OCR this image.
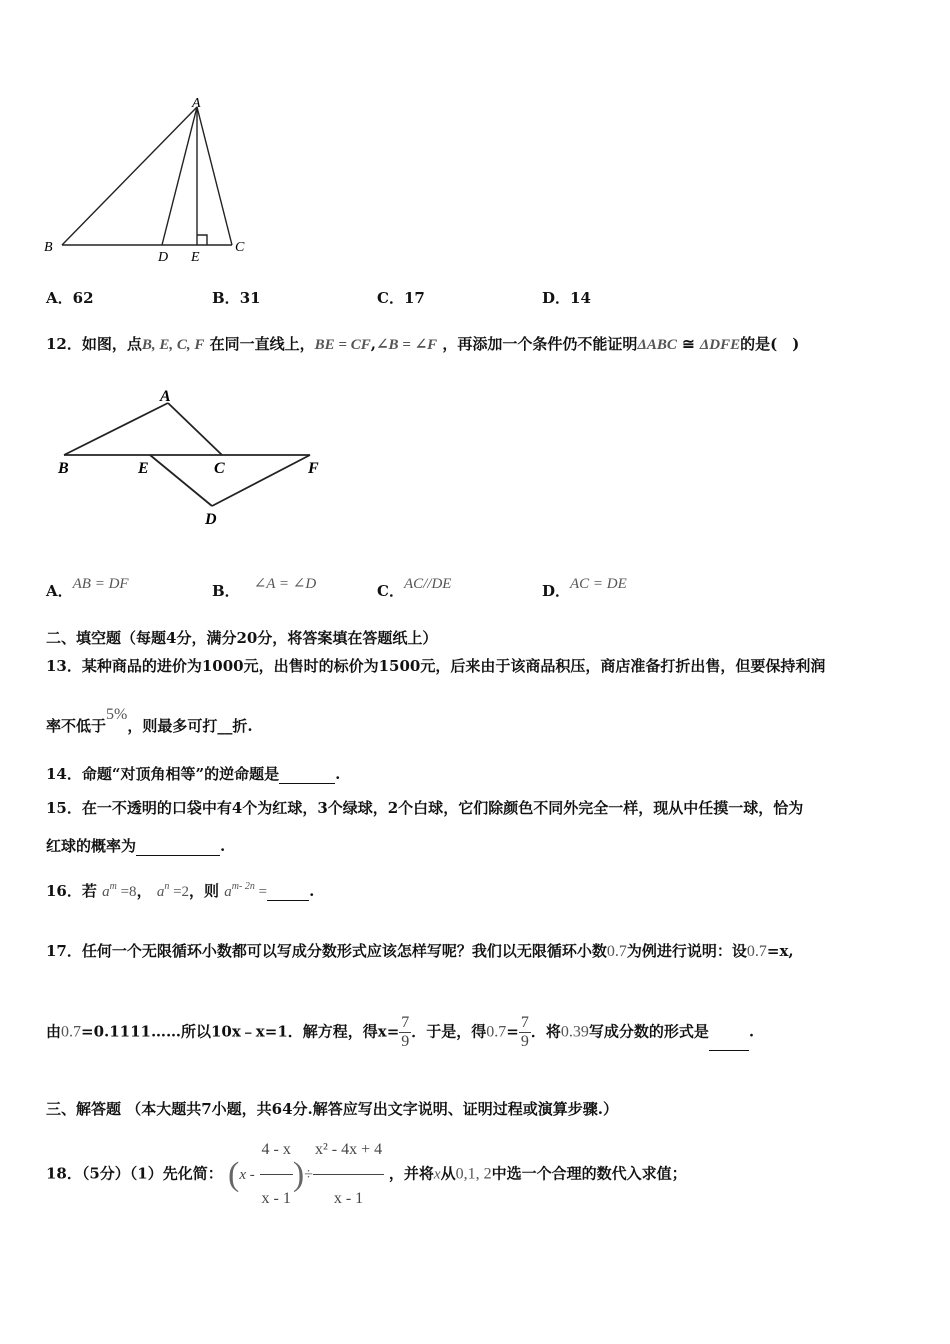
A
B	C
D E
A．62	B．31	C．17	D．14
12．如图，点B, E, C, F 在同一直线上，BE = CF,∠B = ∠F ，再添加一个条件仍不能证明ΔABC ≅ ΔDFE的是(　)
A
B	E	C	F
D
A．AB = DF	B． ∠A = ∠D	C．AC//DE	D．AC = DE
二、填空题（每题4分，满分20分，将答案填在答题纸上）
13．某种商品的进价为1000元，出售时的标价为1500元，后来由于该商品积压，商店准备打折出售，但要保持利润
率不低于5%，则最多可打__折.
14．命题“对顶角相等”的逆命题是	.
15．在一不透明的口袋中有4个为红球，3个绿球，2个白球，它们除颜色不同外完全一样，现从中任摸一球，恰为
红球的概率为	.
16．若 $a^m =8$， $a^n =2$，则 $a^{m- 2n}$ =	.
17．任何一个无限循环小数都可以写成分数形式应该怎样写呢？我们以无限循环小数0.7为例进行说明：设0.7=x,
由0.7=0.1111……所以10x﹣x=1．解方程，得$x= \frac{7}{9}$ ．于是，得$0.7= \frac{7}{9}$ ．将0.39写成分数的形式是	.
三、解答题 （本大题共7小题，共64分.解答应写出文字说明、证明过程或演算步骤.）
18．（5分）（1）先化简： ($x - \frac{4 - x}{x - 1}$ )÷ $\frac{\text{x² - 4x + 4}}{x - 1}$ ，并将x从0,1, 2中选一个合理的数代入求值；
